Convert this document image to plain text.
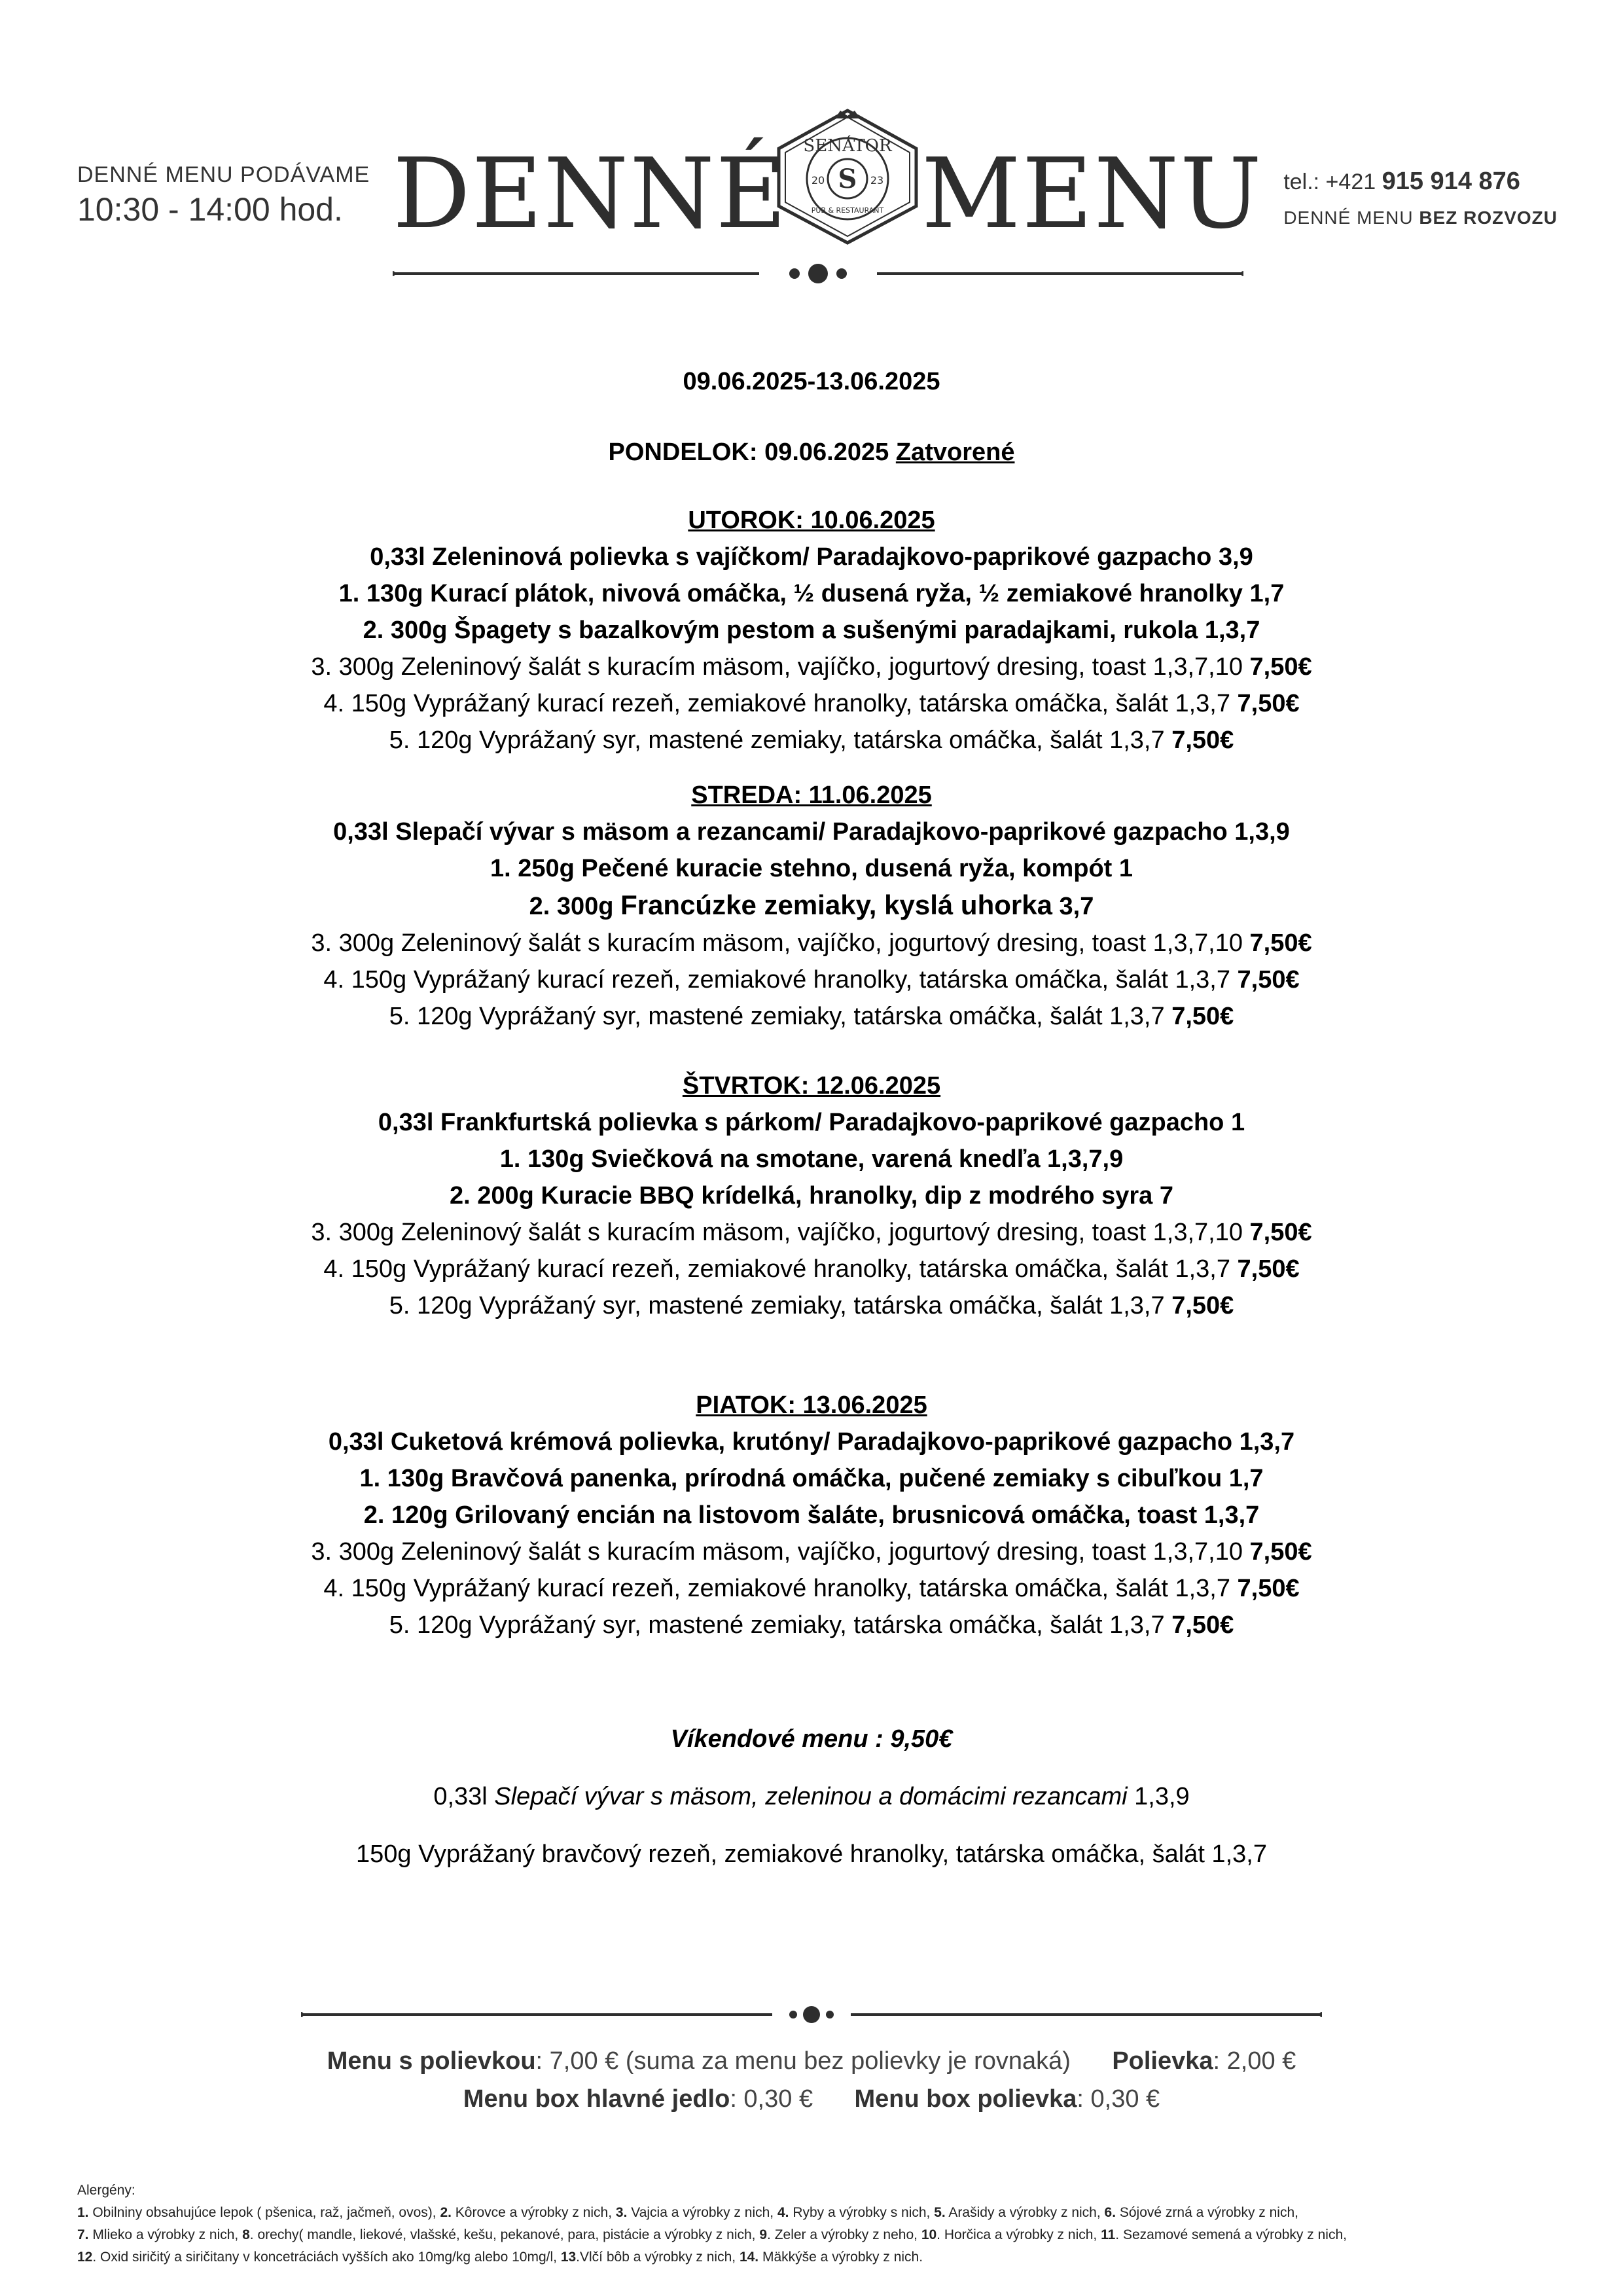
DENNÉ MENU PODÁVAME
10:30 - 14:00 hod. DENNÉ SENÁTOR
S
20	23
PUB & RESTAURANT MENU tel.: +421 915 914 876
DENNÉ MENU BEZ ROZVOZU
09.06.2025-13.06.2025
PONDELOK: 09.06.2025 Zatvorené
UTOROK: 10.06.2025
0,33l Zeleninová polievka s vajíčkom/ Paradajkovo-paprikové gazpacho 3,9
1. 130g Kurací plátok, nivová omáčka, ½ dusená ryža, ½ zemiakové hranolky 1,7
2. 300g Špagety s bazalkovým pestom a sušenými paradajkami, rukola 1,3,7
3. 300g Zeleninový šalát s kuracím mäsom, vajíčko, jogurtový dresing, toast 1,3,7,10 7,50€
4. 150g Vyprážaný kurací rezeň, zemiakové hranolky, tatárska omáčka, šalát 1,3,7 7,50€
5. 120g Vyprážaný syr, mastené zemiaky, tatárska omáčka, šalát 1,3,7 7,50€
STREDA: 11.06.2025
0,33l Slepačí vývar s mäsom a rezancami/ Paradajkovo-paprikové gazpacho 1,3,9
1. 250g Pečené kuracie stehno, dusená ryža, kompót 1
2. 300g Francúzke zemiaky, kyslá uhorka 3,7
3. 300g Zeleninový šalát s kuracím mäsom, vajíčko, jogurtový dresing, toast 1,3,7,10 7,50€
4. 150g Vyprážaný kurací rezeň, zemiakové hranolky, tatárska omáčka, šalát 1,3,7 7,50€
5. 120g Vyprážaný syr, mastené zemiaky, tatárska omáčka, šalát 1,3,7 7,50€
ŠTVRTOK: 12.06.2025
0,33l Frankfurtská polievka s párkom/ Paradajkovo-paprikové gazpacho 1
1. 130g Sviečková na smotane, varená knedľa 1,3,7,9
2. 200g Kuracie BBQ krídelká, hranolky, dip z modrého syra 7
3. 300g Zeleninový šalát s kuracím mäsom, vajíčko, jogurtový dresing, toast 1,3,7,10 7,50€
4. 150g Vyprážaný kurací rezeň, zemiakové hranolky, tatárska omáčka, šalát 1,3,7 7,50€
5. 120g Vyprážaný syr, mastené zemiaky, tatárska omáčka, šalát 1,3,7 7,50€
PIATOK: 13.06.2025
0,33l Cuketová krémová polievka, krutóny/ Paradajkovo-paprikové gazpacho 1,3,7
1. 130g Bravčová panenka, prírodná omáčka, pučené zemiaky s cibuľkou 1,7
2. 120g Grilovaný encián na listovom šaláte, brusnicová omáčka, toast 1,3,7
3. 300g Zeleninový šalát s kuracím mäsom, vajíčko, jogurtový dresing, toast 1,3,7,10 7,50€
4. 150g Vyprážaný kurací rezeň, zemiakové hranolky, tatárska omáčka, šalát 1,3,7 7,50€
5. 120g Vyprážaný syr, mastené zemiaky, tatárska omáčka, šalát 1,3,7 7,50€
Víkendové menu : 9,50€
0,33l Slepačí vývar s mäsom, zeleninou a domácimi rezancami 1,3,9
150g Vyprážaný bravčový rezeň, zemiakové hranolky, tatárska omáčka, šalát 1,3,7
Menu s polievkou: 7,00 € (suma za menu bez polievky je rovnaká) Polievka: 2,00 €
Menu box hlavné jedlo: 0,30 € Menu box polievka: 0,30 €
Alergény:
1. Obilniny obsahujúce lepok ( pšenica, raž, jačmeň, ovos), 2. Kôrovce a výrobky z nich, 3. Vajcia a výrobky z nich, 4. Ryby a výrobky s nich, 5. Arašidy a výrobky z nich, 6. Sójové zrná a výrobky z nich,
7. Mlieko a výrobky z nich, 8. orechy( mandle, liekové, vlašské, kešu, pekanové, para, pistácie a výrobky z nich, 9. Zeler a výrobky z neho, 10. Horčica a výrobky z nich, 11. Sezamové semená a výrobky z nich,
12. Oxid siričitý a siričitany v koncetráciách vyšších ako 10mg/kg alebo 10mg/l, 13.Vlčí bôb a výrobky z nich, 14. Mäkkýše a výrobky z nich.
